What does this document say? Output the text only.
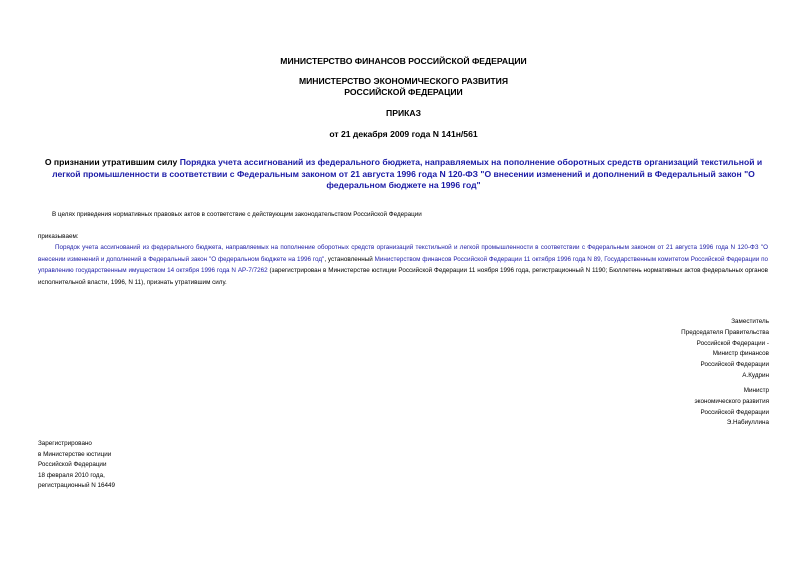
МИНИСТЕРСТВО ФИНАНСОВ РОССИЙСКОЙ ФЕДЕРАЦИИ
МИНИСТЕРСТВО ЭКОНОМИЧЕСКОГО РАЗВИТИЯ
РОССИЙСКОЙ ФЕДЕРАЦИИ
ПРИКАЗ
от 21 декабря 2009 года N 141н/561
О признании утратившим силу Порядка учета ассигнований из федерального бюджета, направляемых на пополнение оборотных средств организаций текстильной и легкой промышленности в соответствии с Федеральным законом от 21 августа 1996 года N 120-ФЗ "О внесении изменений и дополнений в Федеральный закон "О федеральном бюджете на 1996 год"
В целях приведения нормативных правовых актов в соответствие с действующим законодательством Российской Федерации
приказываем:
Порядок учета ассигнований из федерального бюджета, направляемых на пополнение оборотных средств организаций текстильной и легкой промышленности в соответствии с Федеральным законом от 21 августа 1996 года N 120-ФЗ "О внесении изменений и дополнений в Федеральный закон "О федеральном бюджете на 1996 год", установленный Министерством финансов Российской Федерации 11 октября 1996 года N 89, Государственным комитетом Российской Федерации по управлению государственным имуществом 14 октября 1996 года N АР-7/7262 (зарегистрирован в Министерстве юстиции Российской Федерации 11 ноября 1996 года, регистрационный N 1190; Бюллетень нормативных актов федеральных органов исполнительной власти, 1996, N 11), признать утратившим силу.
Заместитель
Председателя Правительства
Российской Федерации -
Министр финансов
Российской Федерации
А.Кудрин
Министр
экономического развития
Российской Федерации
Э.Набиуллина
Зарегистрировано
в Министерстве юстиции
Российской Федерации
18 февраля 2010 года,
регистрационный N 16449
